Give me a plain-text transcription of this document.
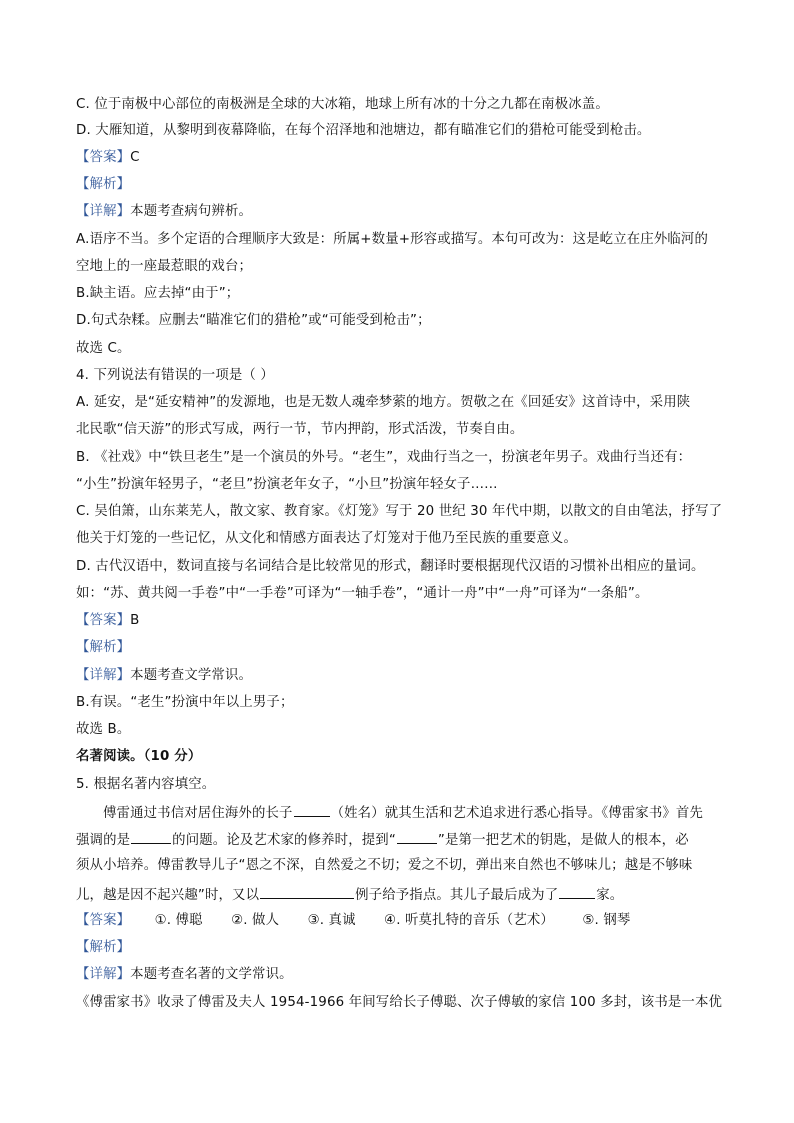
C. 位于南极中心部位的南极洲是全球的大冰箱，地球上所有冰的十分之九都在南极冰盖。
D. 大雁知道，从黎明到夜幕降临，在每个沼泽地和池塘边，都有瞄准它们的猎枪可能受到枪击。
【答案】C
【解析】
【详解】本题考查病句辨析。
A.语序不当。多个定语的合理顺序大致是：所属+数量+形容或描写。本句可改为：这是屹立在庄外临河的
空地上的一座最惹眼的戏台；
B.缺主语。应去掉“由于”；
D.句式杂糅。应删去“瞄准它们的猎枪”或“可能受到枪击”；
故选 C。
4. 下列说法有错误的一项是（ ）
A. 延安，是“延安精神”的发源地，也是无数人魂牵梦萦的地方。贺敬之在《回延安》这首诗中，采用陕
北民歌“信天游”的形式写成，两行一节，节内押韵，形式活泼，节奏自由。
B. 《社戏》中“铁旦老生”是一个演员的外号。“老生”，戏曲行当之一，扮演老年男子。戏曲行当还有：
“小生”扮演年轻男子，“老旦”扮演老年女子，“小旦”扮演年轻女子……
C. 吴伯箫，山东莱芜人，散文家、教育家。《灯笼》写于 20 世纪 30 年代中期，以散文的自由笔法，抒写了
他关于灯笼的一些记忆，从文化和情感方面表达了灯笼对于他乃至民族的重要意义。
D. 古代汉语中，数词直接与名词结合是比较常见的形式，翻译时要根据现代汉语的习惯补出相应的量词。
如：“苏、黄共阅一手卷”中“一手卷”可译为“一轴手卷”，“通计一舟”中“一舟”可译为“一条船”。
【答案】B
【解析】
【详解】本题考查文学常识。
B.有误。“老生”扮演中年以上男子；
故选 B。
名著阅读。（10 分）
5. 根据名著内容填空。
傅雷通过书信对居住海外的长子	（姓名）就其生活和艺术追求进行悉心指导。《傅雷家书》首先
强调的是	的问题。论及艺术家的修养时，提到“	”是第一把艺术的钥匙，是做人的根本，必
须从小培养。傅雷教导儿子“恩之不深，自然爱之不切；爱之不切，弹出来自然也不够味儿；越是不够味
儿，越是因不起兴趣”时，又以	例子给予指点。其儿子最后成为了	家。
【答案】 ①. 傅聪 ②. 做人 ③. 真诚 ④. 听莫扎特的音乐（艺术） ⑤. 钢琴
【解析】
【详解】本题考查名著的文学常识。
《傅雷家书》收录了傅雷及夫人 1954-1966 年间写给长子傅聪、次子傅敏的家信 100 多封，该书是一本优
